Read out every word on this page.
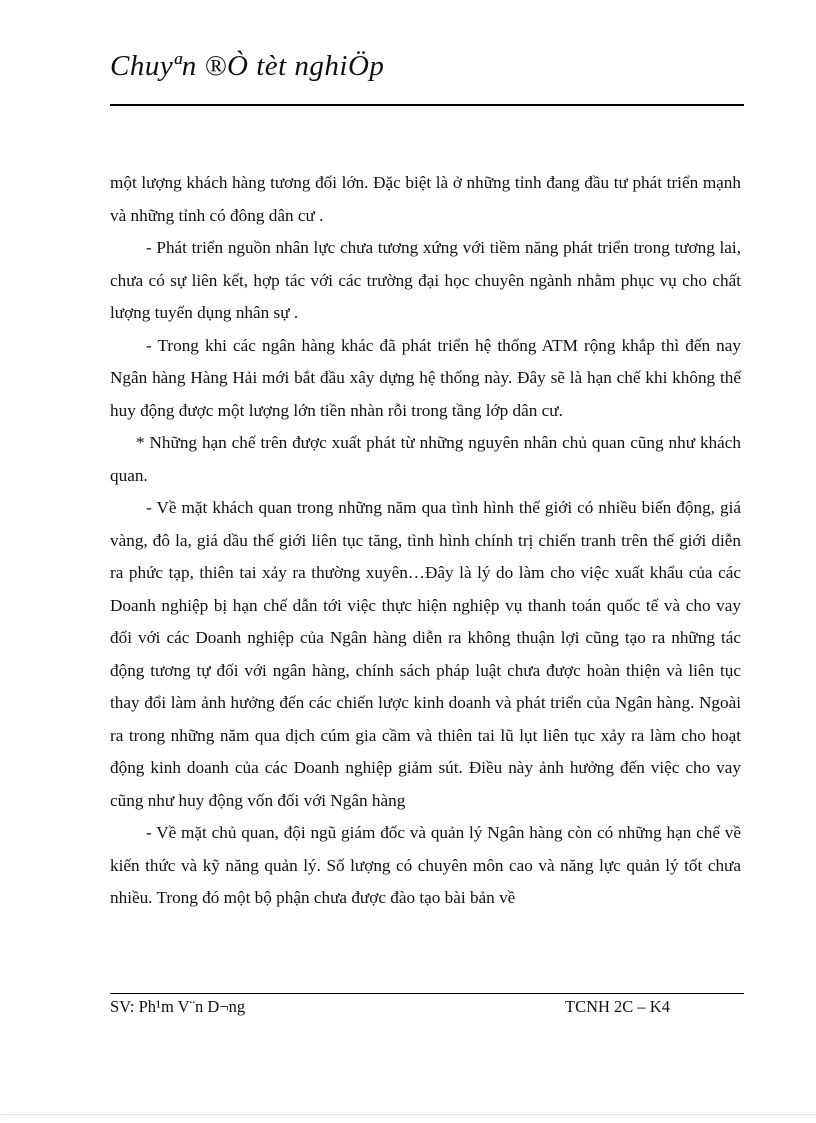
Chuyªn ®Ò tèt nghiÖp

một lượng khách hàng tương đối lớn. Đặc biệt là ở những tỉnh đang đầu tư phát triển mạnh và những tỉnh có đông dân cư .

- Phát triển nguồn nhân lực chưa tương xứng với tiềm năng phát triển trong tương lai, chưa có sự liên kết, hợp tác với các trường đại học chuyên ngành nhằm phục vụ cho chất lượng tuyển dụng nhân sự .

- Trong khi các ngân hàng khác đã phát triển hệ thống ATM rộng khắp thì đến nay Ngân hàng Hàng Hải mới bắt đầu xây dựng hệ thống này. Đây sẽ là hạn chế khi không thể huy động được một lượng lớn tiền nhàn rỗi trong tầng lớp dân cư.

* Những hạn chế trên được xuất phát từ những nguyên nhân chủ quan cũng như khách quan.

- Về mặt khách quan trong những năm qua tình hình thế giới có nhiều biến động, giá vàng, đô la, giá dầu thế giới liên tục tăng, tình hình chính trị chiến tranh trên thế giới diễn ra phức tạp, thiên tai xảy ra thường xuyên…Đây là lý do làm cho việc xuất khẩu của các Doanh nghiệp bị hạn chế dẫn tới việc thực hiện nghiệp vụ thanh toán quốc tế và cho vay đối với các Doanh nghiệp của Ngân hàng diễn ra không thuận lợi cũng tạo ra những tác động tương tự đối với ngân hàng, chính sách pháp luật chưa được hoàn thiện và liên tục thay đổi làm ảnh hưởng đến các chiến lược kinh doanh và phát triển của Ngân hàng. Ngoài ra trong những năm qua dịch cúm gia cầm và thiên tai lũ lụt liên tục xảy ra làm cho hoạt động kinh doanh của các Doanh nghiệp giảm sút. Điều này ảnh hưởng đến việc cho vay cũng như huy động vốn đối với Ngân hàng

- Về mặt chủ quan, đội ngũ giám đốc và quản lý Ngân hàng còn có những hạn chế về kiến thức và kỹ năng quản lý. Số lượng có chuyên môn cao và năng lực quản lý tốt chưa nhiều. Trong đó một bộ phận chưa được đào tạo bài bản về

SV: Ph¹m V¨n D¬ng	TCNH 2C – K4
